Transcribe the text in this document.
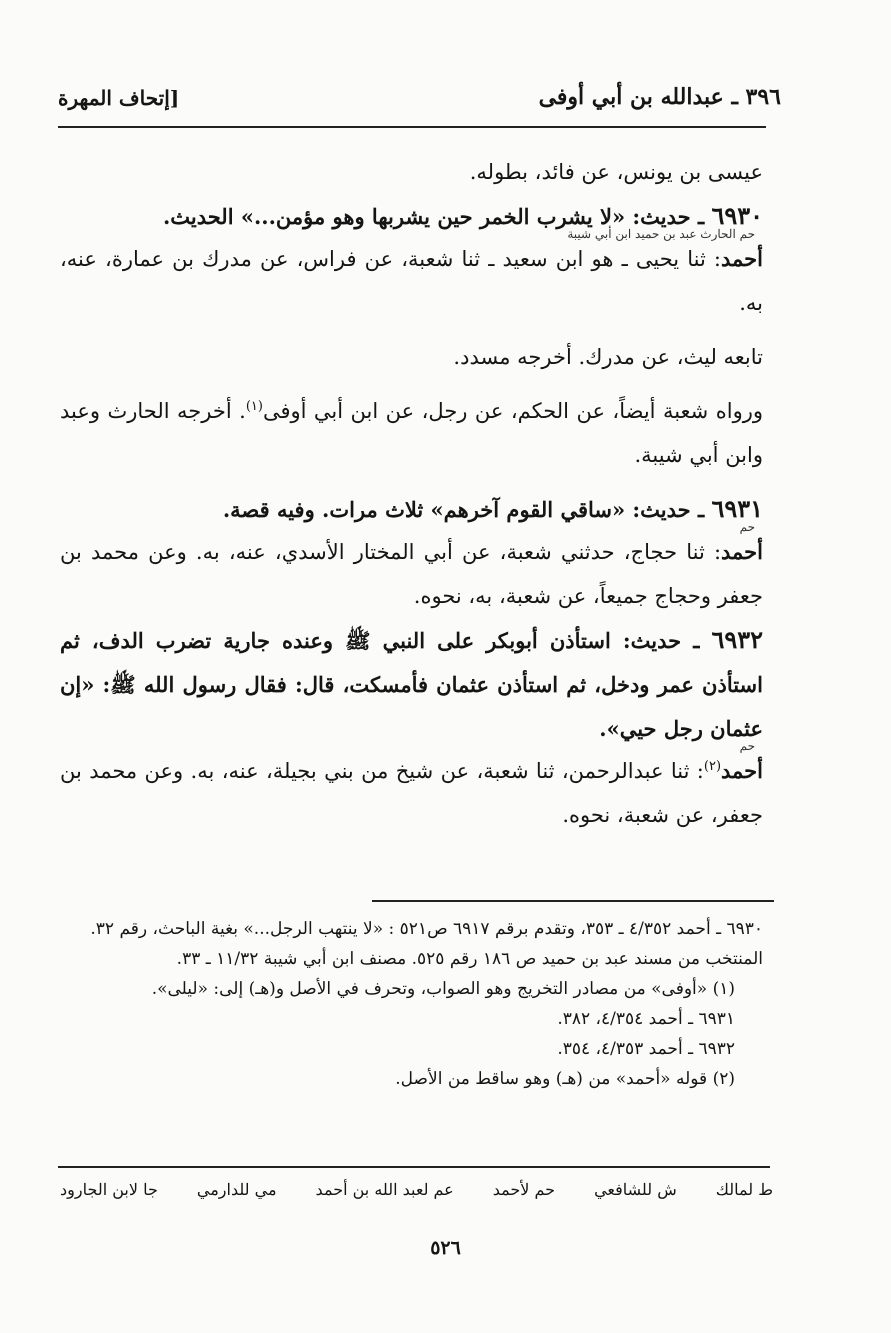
٣٩٦ ـ عبدالله بن أبي أوفى
[إتحاف المهرة

عيسى بن يونس، عن فائد، بطوله.

٦٩٣٠ ـ حديث: «لا يشرب الخمر حين يشربها وهو مؤمن...» الحديث.

حم الحارث عبد بن حميد ابن أبي شيبة

أحمد: ثنا يحيى ـ هو ابن سعيد ـ ثنا شعبة، عن فراس، عن مدرك بن عمارة، عنه، به.

تابعه ليث، عن مدرك. أخرجه مسدد.

ورواه شعبة أيضاً، عن الحكم، عن رجل، عن ابن أبي أوفى$^{(١)}$. أخرجه الحارث وعبد وابن أبي شيبة.

٦٩٣١ ـ حديث: «ساقي القوم آخرهم» ثلاث مرات. وفيه قصة.

حم

أحمد: ثنا حجاج، حدثني شعبة، عن أبي المختار الأسدي، عنه، به. وعن محمد بن جعفر وحجاج جميعاً، عن شعبة، به، نحوه.

٦٩٣٢ ـ حديث: استأذن أبوبكر على النبي ﷺ وعنده جارية تضرب الدف، ثم استأذن عمر ودخل، ثم استأذن عثمان فأمسكت، قال: فقال رسول الله ﷺ: «إن عثمان رجل حيي».

حم

أحمد$^{(٢)}$: ثنا عبدالرحمن، ثنا شعبة، عن شيخ من بني بجيلة، عنه، به. وعن محمد بن جعفر، عن شعبة، نحوه.

٦٩٣٠ ـ أحمد ٤/٣٥٢ ـ ٣٥٣، وتقدم برقم ٦٩١٧ ص٥٢١ : «لا ينتهب الرجل...» بغية الباحث، رقم ٣٢. المنتخب من مسند عبد بن حميد ص ١٨٦ رقم ٥٢٥. مصنف ابن أبي شيبة ١١/٣٢ ـ ٣٣.

(١) «أوفى» من مصادر التخريج وهو الصواب، وتحرف في الأصل و(هـ) إلى: «ليلى».

٦٩٣١ ـ أحمد ٤/٣٥٤، ٣٨٢.

٦٩٣٢ ـ أحمد ٤/٣٥٣، ٣٥٤.

(٢) قوله «أحمد» من (هـ) وهو ساقط من الأصل.

ط لمالك
ش للشافعي
حم لأحمد
عم لعبد الله بن أحمد
مي للدارمي
جا لابن الجارود
٥٢٦
